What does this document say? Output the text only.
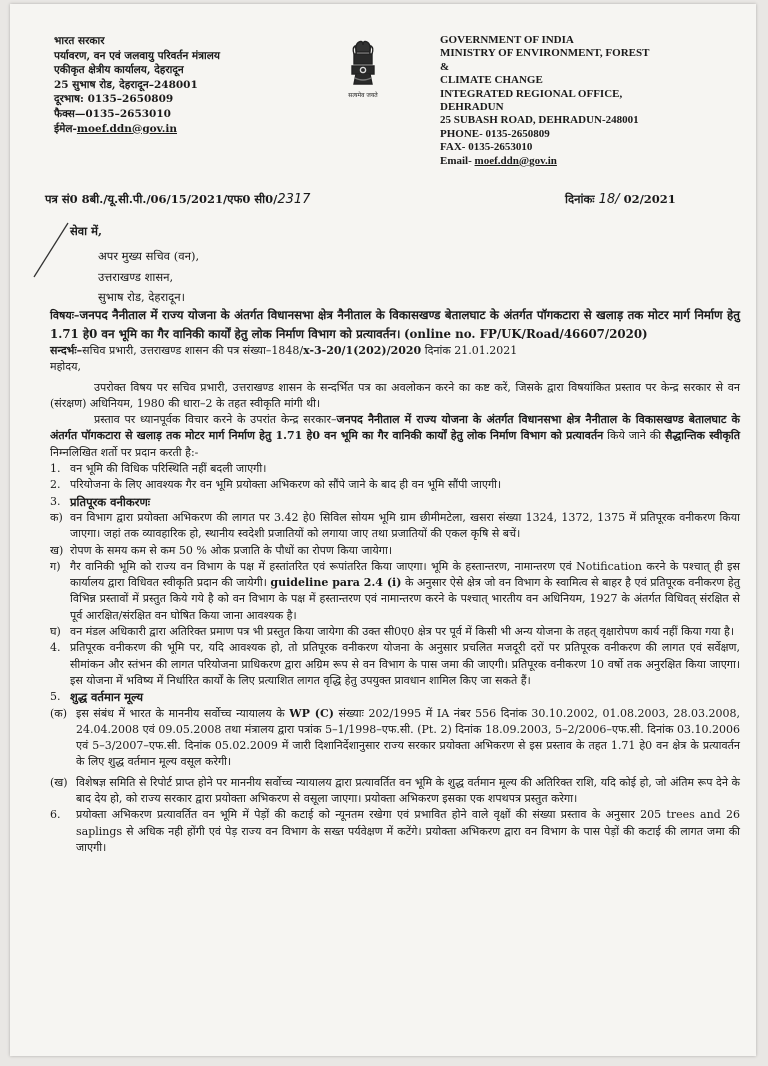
भारत सरकार
पर्यावरण, वन एवं जलवायु परिवर्तन मंत्रालय
एकीकृत क्षेत्रीय कार्यालय, देहरादून
25 सुभाष रोड, देहरादून–248001
दूरभाष: 0135–2650809
फैक्स—0135–2653010
ईमेल-moef.ddn@gov.in
सत्यमेव जयते
GOVERNMENT OF INDIA
MINISTRY OF ENVIRONMENT, FOREST
&
CLIMATE CHANGE
INTEGRATED REGIONAL OFFICE,
DEHRADUN
25 SUBASH ROAD, DEHRADUN-248001
PHONE- 0135-2650809
FAX- 0135-2653010
Email- moef.ddn@gov.in
पत्र सं0 8बी./यू.सी.पी./06/15/2021/एफ0 सी0/2317	दिनांकः 18/ 02/2021
सेवा में,
अपर मुख्य सचिव (वन),
उत्तराखण्ड शासन,
सुभाष रोड, देहरादून।

विषयः–जनपद नैनीताल में राज्य योजना के अंतर्गत विधानसभा क्षेत्र नैनीताल के विकासखण्ड बेतालघाट के अंतर्गत पॉगकटारा से खलाड़ तक मोटर मार्ग निर्माण हेतु 1.71 हे0 वन भूमि का गैर वानिकी कार्यों हेतु लोक निर्माण विभाग को प्रत्यावर्तन। (online no. FP/UK/Road/46607/2020)

सन्दर्भः–सचिव प्रभारी, उत्तराखण्ड शासन की पत्र संख्या–1848/x-3-20/1(202)/2020 दिनांक 21.01.2021

महोदय,

उपरोक्त विषय पर सचिव प्रभारी, उत्तराखण्ड शासन के सन्दर्भित पत्र का अवलोकन करने का कष्ट करें, जिसके द्वारा विषयांकित प्रस्ताव पर केन्द्र सरकार से वन (संरक्षण) अधिनियम, 1980 की धारा–2 के तहत स्वीकृति मांगी थी।

प्रस्ताव पर ध्यानपूर्वक विचार करने के उपरांत केन्द्र सरकार–जनपद नैनीताल में राज्य योजना के अंतर्गत विधानसभा क्षेत्र नैनीताल के विकासखण्ड बेतालघाट के अंतर्गत पॉगकटारा से खलाड़ तक मोटर मार्ग निर्माण हेतु 1.71 हे0 वन भूमि का गैर वानिकी कार्यों हेतु लोक निर्माण विभाग को प्रत्यावर्तन किये जाने की सैद्धान्तिक स्वीकृति निम्नलिखित शर्तो पर प्रदान करती है:-

1. वन भूमि की विधिक परिस्थिति नहीं बदली जाएगी।
2. परियोजना के लिए आवश्यक गैर वन भूमि प्रयोक्ता अभिकरण को सौंपे जाने के बाद ही वन भूमि सौंपी जाएगी।
3. प्रतिपूरक वनीकरणः
क) वन विभाग द्वारा प्रयोक्ता अभिकरण की लागत पर 3.42 हे0 सिविल सोयम भूमि ग्राम छीमीमटेला, खसरा संख्या 1324, 1372, 1375 में प्रतिपूरक वनीकरण किया जाएगा। जहां तक व्यावहारिक हो, स्थानीय स्वदेशी प्रजातियों को लगाया जाए तथा प्रजातियों की एकल कृषि से बचें।
ख) रोपण के समय कम से कम 50 % ओक प्रजाति के पौधों का रोपण किया जायेगा।
ग) गैर वानिकी भूमि को राज्य वन विभाग के पक्ष में हस्तांतरित एवं रूपांतरित किया जाएगा। भूमि के हस्तान्तरण, नामान्तरण एवं Notification करने के पश्चात् ही इस कार्यालय द्वारा विधिवत स्वीकृति प्रदान की जायेगी। guideline para 2.4 (i) के अनुसार ऐसे क्षेत्र जो वन विभाग के स्वामित्व से बाहर है एवं प्रतिपूरक वनीकरण हेतु विभिन्न प्रस्तावों में प्रस्तुत किये गये है को वन विभाग के पक्ष में हस्तान्तरण एवं नामान्तरण करने के पश्चात् भारतीय वन अधिनियम, 1927 के अंतर्गत विधिवत् संरक्षित से पूर्व आरक्षित/संरक्षित वन घोषित किया जाना आवश्यक है।
घ) वन मंडल अधिकारी द्वारा अतिरिक्त प्रमाण पत्र भी प्रस्तुत किया जायेगा की उक्त सी0ए0 क्षेत्र पर पूर्व में किसी भी अन्य योजना के तहत् वृक्षारोपण कार्य नहीं किया गया है।
4. प्रतिपूरक वनीकरण की भूमि पर, यदि आवश्यक हो, तो प्रतिपूरक वनीकरण योजना के अनुसार प्रचलित मजदूरी दरों पर प्रतिपूरक वनीकरण की लागत एवं सर्वेक्षण, सीमांकन और स्तंभन की लागत परियोजना प्राधिकरण द्वारा अग्रिम रूप से वन विभाग के पास जमा की जाएगी। प्रतिपूरक वनीकरण 10 वर्षो तक अनुरक्षित किया जाएगा। इस योजना में भविष्य में निर्धारित कार्यों के लिए प्रत्याशित लागत वृद्धि हेतु उपयुक्त प्रावधान शामिल किए जा सकते हैं।
5. शुद्ध वर्तमान मूल्य
(क) इस संबंध में भारत के माननीय सर्वोच्च न्यायालय के WP (C) संख्याः 202/1995 में IA नंबर 556 दिनांक 30.10.2002, 01.08.2003, 28.03.2008, 24.04.2008 एवं 09.05.2008 तथा मंत्रालय द्वारा पत्रांक 5–1/1998–एफ.सी. (Pt. 2) दिनांक 18.09.2003, 5–2/2006–एफ.सी. दिनांक 03.10.2006 एवं 5–3/2007–एफ.सी. दिनांक 05.02.2009 में जारी दिशानिर्देशानुसार राज्य सरकार प्रयोक्ता अभिकरण से इस प्रस्ताव के तहत 1.71 हे0 वन क्षेत्र के प्रत्यावर्तन के लिए शुद्ध वर्तमान मूल्य वसूल करेगी।
(ख) विशेषज्ञ समिति से रिपोर्ट प्राप्त होने पर माननीय सर्वोच्च न्यायालय द्वारा प्रत्यावर्तित वन भूमि के शुद्ध वर्तमान मूल्य की अतिरिक्त राशि, यदि कोई हो, जो अंतिम रूप देने के बाद देय हो, को राज्य सरकार द्वारा प्रयोक्ता अभिकरण से वसूला जाएगा। प्रयोक्ता अभिकरण इसका एक शपथपत्र प्रस्तुत करेगा।
6.	प्रयोक्ता अभिकरण प्रत्यावर्तित वन भूमि में पेड़ों की कटाई को न्यूनतम रखेगा एवं प्रभावित होने वाले वृक्षों की संख्या प्रस्ताव के अनुसार 205 trees and 26 saplings से अधिक नही होंगी एवं पेड़ राज्य वन विभाग के सख्त पर्यवेक्षण में कटेंगे। प्रयोक्ता अभिकरण द्वारा वन विभाग के पास पेड़ों की कटाई की लागत जमा की जाएगी।
